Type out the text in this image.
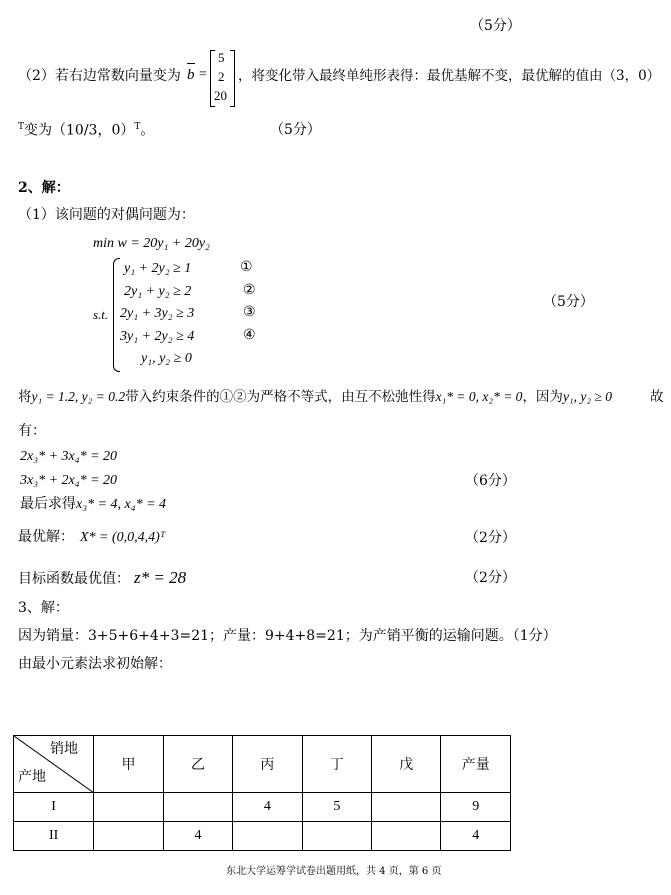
（5分）
（2）若右边常数向量变为 b =
5
2
20
，将变化带入最终单纯形表得：最优基解不变，最优解的值由（3，0）
$^T$变为（10/3，0）$^T$。	（5分）
2、解：
（1）该问题的对偶问题为：
min w = 20y₁ + 20y₂
s.t.
y₁ + 2y₂ ≥ 1	①
2y₁ + y₂ ≥ 2	②
2y₁ + 3y₂ ≥ 3	③
3y₁ + 2y₂ ≥ 4	④
y₁, y₂ ≥ 0
（5分）
将y₁ = 1.2, y₂ = 0.2带入约束条件的①②为严格不等式，由互不松弛性得x₁* = 0, x₂* = 0，因为y₁, y₂ ≥ 0	故
有：
2x₃* + 3x₄* = 20
3x₃* + 2x₄* = 20	（6分）
最后求得x₃* = 4, x₄* = 4
最优解： X* = (0,0,4,4)ᵀ	（2分）
目标函数最优值： z* = 28	（2分）
3、解：
因为销量：3+5+6+4+3=21；产量：9+4+8=21；为产销平衡的运输问题。（1分）
由最小元素法求初始解：
销地
产地	甲	乙	丙	丁	戊	产量
I			4	5		9
II		4				4
东北大学运筹学试卷出题用纸，共 4 页，第 6 页
